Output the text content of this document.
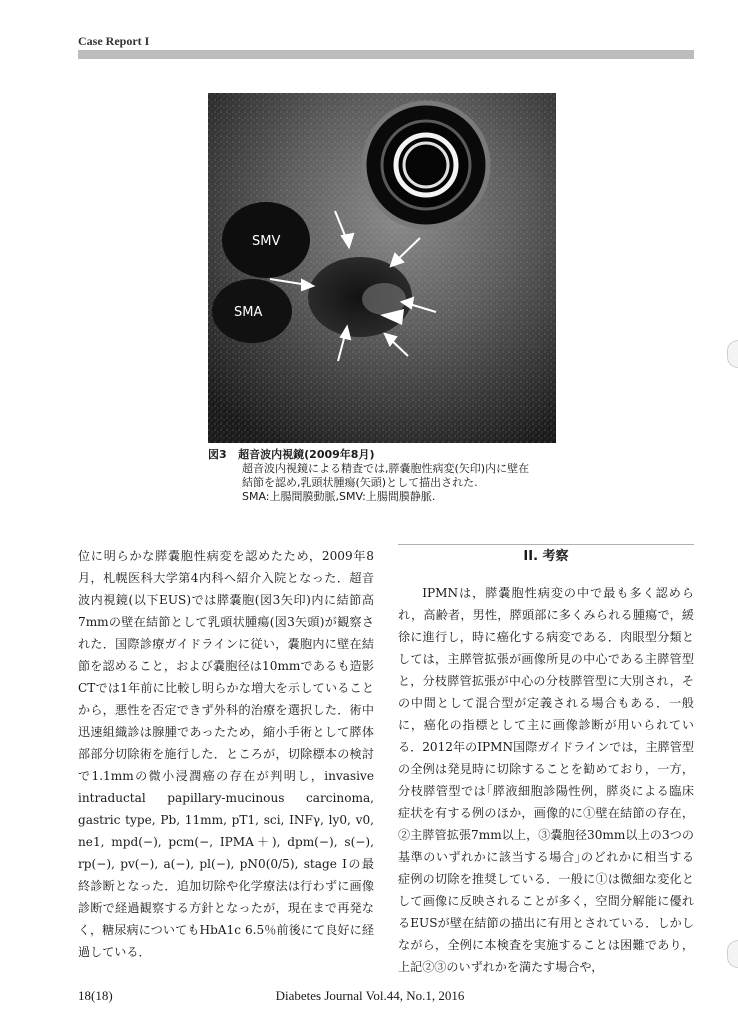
Case Report I
SMV
SMA
図3 超音波内視鏡(2009年8月)
超音波内視鏡による精査では,膵嚢胞性病変(矢印)内に壁在
結節を認め,乳頭状腫瘍(矢頭)として描出された.
SMA:上腸間膜動脈,SMV:上腸間膜静脈.

位に明らかな膵嚢胞性病変を認めたため，2009年8月，札幌医科大学第4内科へ紹介入院となった．超音波内視鏡(以下EUS)では膵嚢胞(図3矢印)内に結節高7mmの壁在結節として乳頭状腫瘍(図3矢頭)が観察された．国際診療ガイドラインに従い，嚢胞内に壁在結節を認めること，および嚢胞径は10mmであるも造影CTでは1年前に比較し明らかな増大を示していることから，悪性を否定できず外科的治療を選択した．術中迅速組織診は腺腫であったため，縮小手術として膵体部部分切除術を施行した．ところが，切除標本の検討で1.1mmの微小浸潤癌の存在が判明し，invasive intraductal papillary-mucinous carcinoma, gastric type, Pb, 11mm, pT1, sci, INFγ, ly0, v0, ne1, mpd(−), pcm(−, IPMA＋), dpm(−), s(−), rp(−), pv(−), a(−), pl(−), pN0(0/5), stage Iの最終診断となった．追加切除や化学療法は行わずに画像診断で経過観察する方針となったが，現在まで再発なく，糖尿病についてもHbA1c 6.5％前後にて良好に経過している．

II. 考察

IPMNは，膵嚢胞性病変の中で最も多く認められ，高齢者，男性，膵頭部に多くみられる腫瘍で，緩徐に進行し，時に癌化する病変である．肉眼型分類としては，主膵管拡張が画像所見の中心である主膵管型と，分枝膵管拡張が中心の分枝膵管型に大別され，その中間として混合型が定義される場合もある．一般に，癌化の指標として主に画像診断が用いられている．2012年のIPMN国際ガイドラインでは，主膵管型の全例は発見時に切除することを勧めており，一方，分枝膵管型では｢膵液細胞診陽性例，膵炎による臨床症状を有する例のほか，画像的に①壁在結節の存在，②主膵管拡張7mm以上，③嚢胞径30mm以上の3つの基準のいずれかに該当する場合｣のどれかに相当する症例の切除を推奨している．一般に①は微細な変化として画像に反映されることが多く，空間分解能に優れるEUSが壁在結節の描出に有用とされている．しかしながら，全例に本検査を実施することは困難であり，上記②③のいずれかを満たす場合や，

18(18)	Diabetes Journal Vol.44, No.1, 2016
